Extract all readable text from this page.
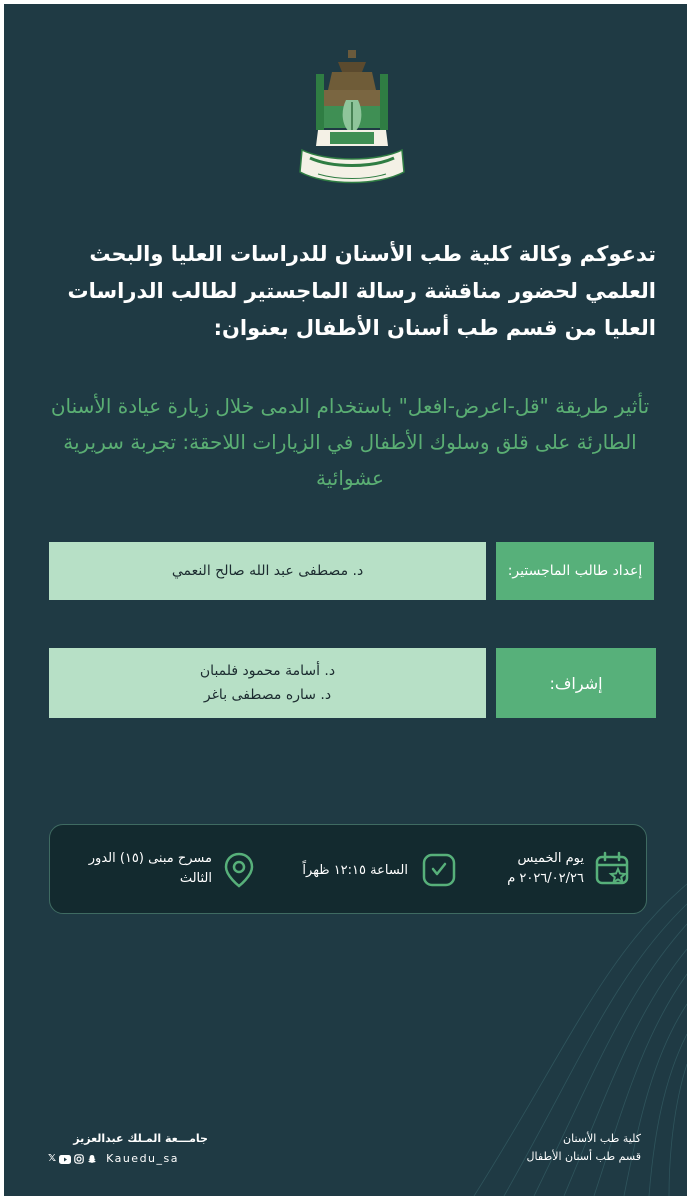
تدعوكم وكالة كلية طب الأسنان للدراسات العليا والبحث العلمي لحضور مناقشة رسالة الماجستير لطالب الدراسات العليا من قسم طب أسنان الأطفال بعنوان:
تأثير طريقة "قل-اعرض-افعل" باستخدام الدمى خلال زيارة عيادة الأسنان الطارئة على قلق وسلوك الأطفال في الزيارات اللاحقة: تجربة سريرية عشوائية
إعداد طالب الماجستير:
د. مصطفى عبد الله صالح النعمي
إشراف:
د. أسامة محمود فلمبان
د. ساره مصطفى باغر
يوم الخميس
٢٠٢٦/٠٢/٢٦ م
الساعة ١٢:١٥ ظهراً
مسرح مبنى (١٥) الدور
الثالث
كلية طب الأسنان
قسم طب أسنان الأطفال
جامـــعة المـلك عبدالعزيز
𝕏	Kauedu_sa
